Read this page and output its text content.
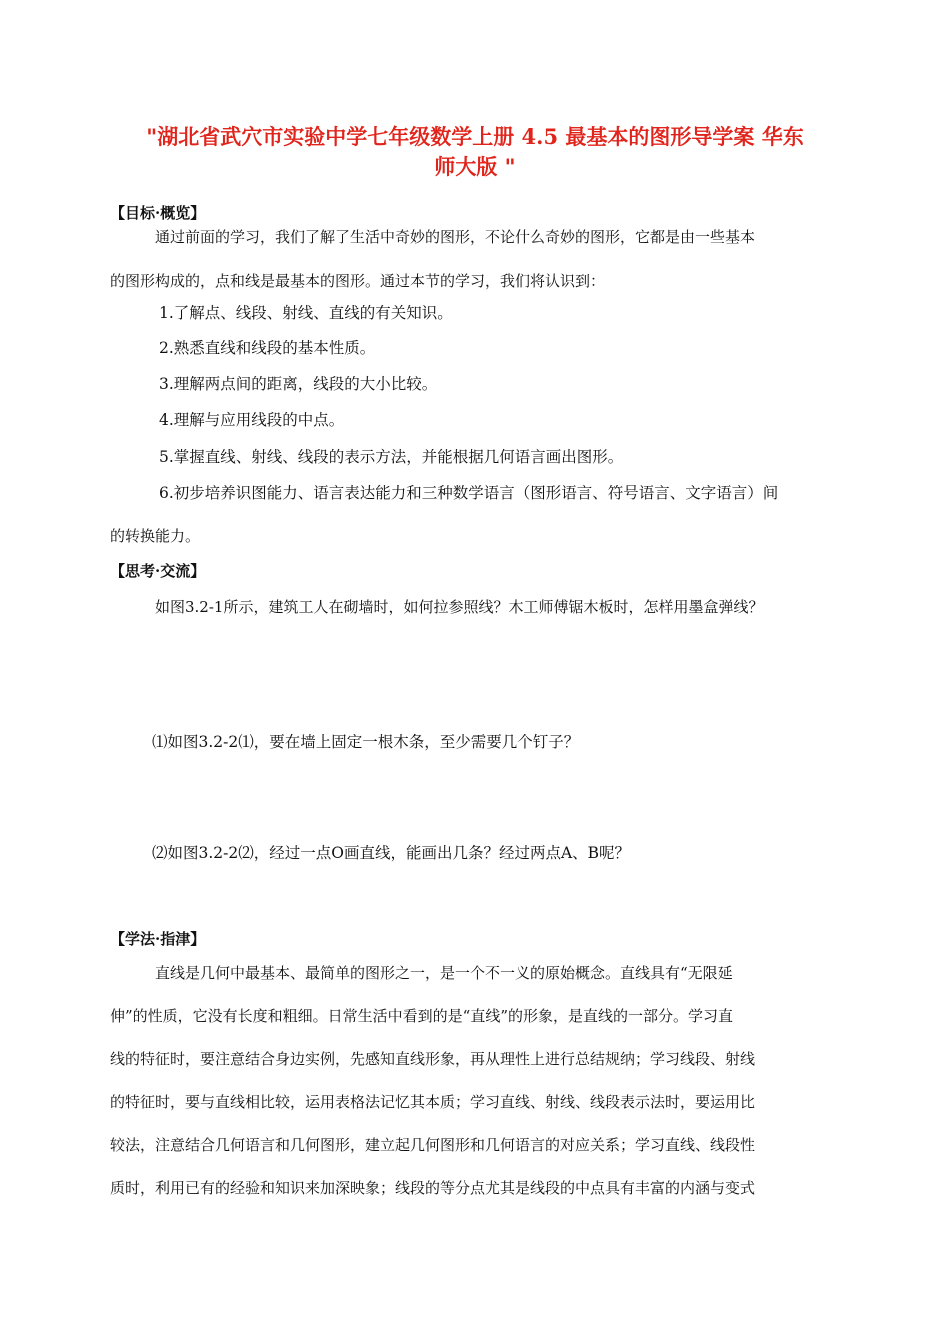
"湖北省武穴市实验中学七年级数学上册 4.5 最基本的图形导学案 华东
师大版 "
【目标·概览】
通过前面的学习，我们了解了生活中奇妙的图形，不论什么奇妙的图形，它都是由一些基本
的图形构成的，点和线是最基本的图形。通过本节的学习，我们将认识到：
1.了解点、线段、射线、直线的有关知识。
2.熟悉直线和线段的基本性质。
3.理解两点间的距离，线段的大小比较。
4.理解与应用线段的中点。
5.掌握直线、射线、线段的表示方法，并能根据几何语言画出图形。
6.初步培养识图能力、语言表达能力和三种数学语言（图形语言、符号语言、文字语言）间
的转换能力。
【思考·交流】
如图3.2-1所示，建筑工人在砌墙时，如何拉参照线？木工师傅锯木板时，怎样用墨盒弹线？
⑴如图3.2-2⑴，要在墙上固定一根木条，至少需要几个钉子？
⑵如图3.2-2⑵，经过一点O画直线，能画出几条？经过两点A、B呢？
【学法·指津】
直线是几何中最基本、最简单的图形之一，是一个不一义的原始概念。直线具有“无限延
伸”的性质，它没有长度和粗细。日常生活中看到的是“直线”的形象，是直线的一部分。学习直
线的特征时，要注意结合身边实例，先感知直线形象，再从理性上进行总结规纳；学习线段、射线
的特征时，要与直线相比较，运用表格法记忆其本质；学习直线、射线、线段表示法时，要运用比
较法，注意结合几何语言和几何图形，建立起几何图形和几何语言的对应关系；学习直线、线段性
质时，利用已有的经验和知识来加深映象；线段的等分点尤其是线段的中点具有丰富的内涵与变式
